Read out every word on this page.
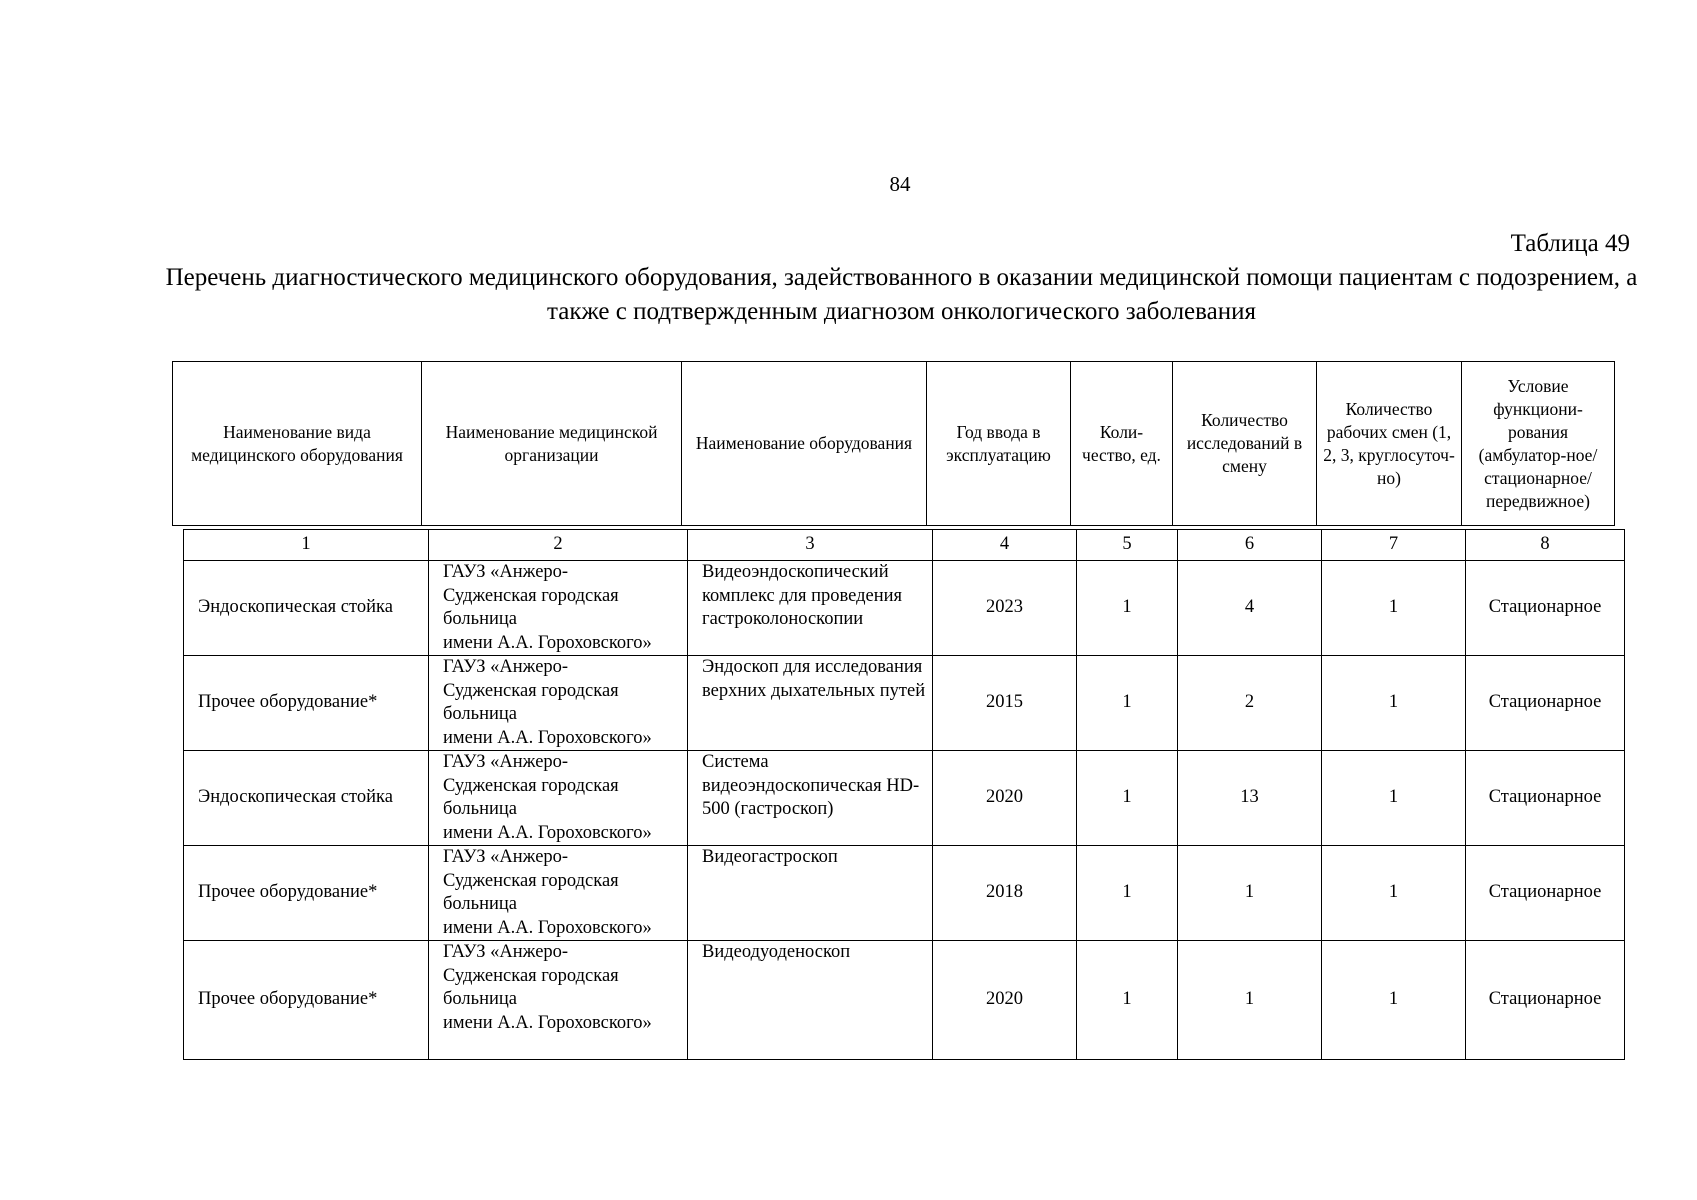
84
Таблица 49
Перечень диагностического медицинского оборудования, задействованного в оказании медицинской помощи пациентам с подозрением, а также с подтвержденным диагнозом онкологического заболевания
Наименование вида медицинского оборудования	Наименование медицинской организации	Наименование оборудования	Год ввода в эксплуатацию	Коли-чество, ед.	Количество исследований в смену	Количество рабочих смен (1, 2, 3, круглосуточ-но)	Условие функциони-рования (амбулатор-ное/ стационарное/ передвижное)
1	2	3	4	5	6	7	8
Эндоскопическая стойка	ГАУЗ «Анжеро-
Судженская городская
больница
имени А.А. Гороховского»	Видеоэндоскопический комплекс для проведения гастроколоноскопии	2023	1	4	1	Стационарное
Прочее оборудование*	ГАУЗ «Анжеро-
Судженская городская
больница
имени А.А. Гороховского»	Эндоскоп для исследования верхних дыхательных путей	2015	1	2	1	Стационарное
Эндоскопическая стойка	ГАУЗ «Анжеро-
Судженская городская
больница
имени А.А. Гороховского»	Система видеоэндоскопическая HD-500 (гастроскоп)	2020	1	13	1	Стационарное
Прочее оборудование*	ГАУЗ «Анжеро-
Судженская городская
больница
имени А.А. Гороховского»	Видеогастроскоп	2018	1	1	1	Стационарное
Прочее оборудование*	ГАУЗ «Анжеро-
Судженская городская
больница
имени А.А. Гороховского»	Видеодуоденоскоп	2020	1	1	1	Стационарное
